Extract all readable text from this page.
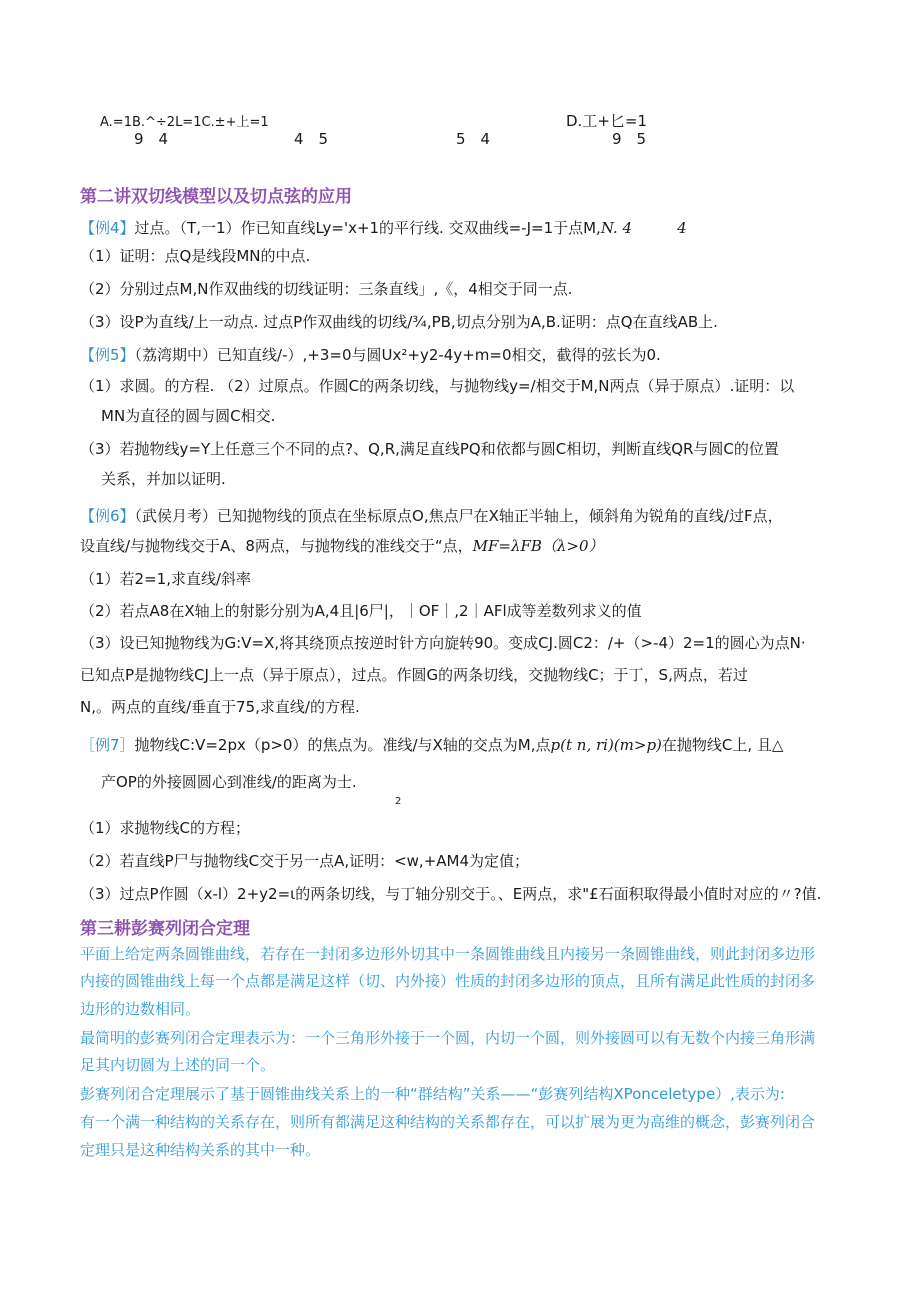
A.=1B.^÷2L=1C.±+上=1	D.工+匕=1
9　4	4　5	5　4	9　5
第二讲双切线模型以及切点弦的应用
【例4】过点。（T,一1）作已知直线Ly='x+1的平行线. 交双曲线=-J=1于点M,N. 4　　　4
（1）证明：点Q是线段MN的中点.
（2）分别过点M,N作双曲线的切线证明：三条直线」,《，4相交于同一点.
（3）设P为直线/上一动点. 过点P作双曲线的切线/¾,PB,切点分别为A,B.证明：点Q在直线AB上.
【例5】（荔湾期中）已知直线/-）,+3=0与圆Ux²+y2-4y+m=0相交，截得的弦长为0.
（1）求圆。的方程. （2）过原点。作圆C的两条切线，与抛物线y=/相交于M,N两点（异于原点）.证明：以
MN为直径的圆与圆C相交.
（3）若抛物线y=Y上任意三个不同的点?、Q,R,满足直线PQ和依都与圆C相切，判断直线QR与圆C的位置
关系，并加以证明.
【例6】（武侯月考）已知抛物线的顶点在坐标原点O,焦点尸在X轴正半轴上，倾斜角为锐角的直线/过F点，
设直线/与抛物线交于A、8两点，与抛物线的准线交于“点，MF=λFB（λ>0）
（1）若2=1,求直线/斜率
（2）若点A8在X轴上的射影分别为A,4且|6尸|，｜OF｜,2｜AFl成等差数列求义的值
（3）设已知抛物线为G:V=X,将其绕顶点按逆时针方向旋转90。变成CJ.圆C2：/+（>-4）2=1的圆心为点N·
已知点P是抛物线CJ上一点（异于原点），过点。作圆G的两条切线，交抛物线C；于丁，S,两点，若过
N,。两点的直线/垂直于75,求直线/的方程.
［例7］抛物线C:V=2px（p>0）的焦点为。准线/与X轴的交点为M,点p(t n, ri)(m>p)在抛物线C上, 且△
产OP的外接圆圆心到准线/的距离为士.
2
（1）求抛物线C的方程；
（2）若直线P尸与抛物线C交于另一点A,证明：<w,+AM4为定值；
（3）过点P作圆（x-l）2+y2=ι的两条切线，与丁轴分别交于。、E两点，求"£石面积取得最小值时对应的〃?值.
第三耕彭赛列闭合定理
平面上给定两条圆锥曲线，若存在一封闭多边形外切其中一条圆锥曲线且内接另一条圆锥曲线，则此封闭多边形
内接的圆锥曲线上每一个点都是满足这样（切、内外接）性质的封闭多边形的顶点，且所有满足此性质的封闭多
边形的边数相同。
最简明的彭赛列闭合定理表示为：一个三角形外接于一个圆，内切一个圆，则外接圆可以有无数个内接三角形满
足其内切圆为上述的同一个。
彭赛列闭合定理展示了基于圆锥曲线关系上的一种“群结构”关系——“彭赛列结构XPonceletype）,表示为:
有一个满一种结构的关系存在，则所有都满足这种结构的关系都存在，可以扩展为更为高维的概念，彭赛列闭合
定理只是这种结构关系的其中一种。
